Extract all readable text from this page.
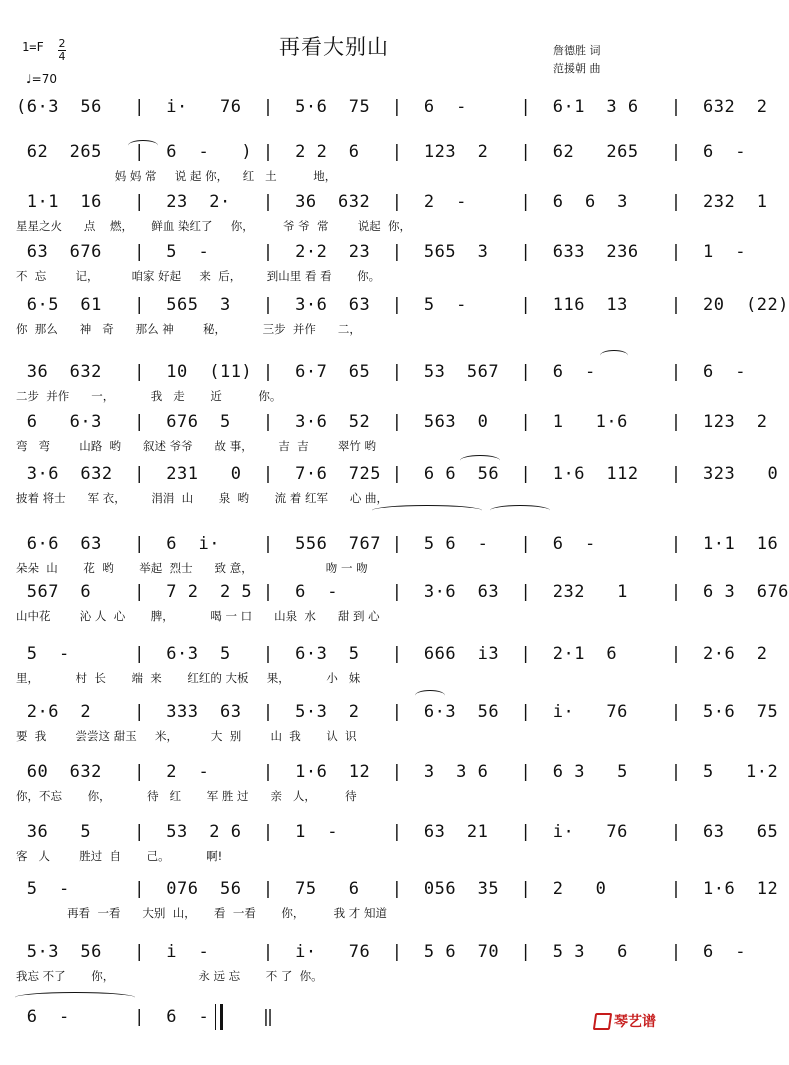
再看大别山	詹德胜 词
范援朝 曲
1=F 2
4
♩=70
(6·3  56   |  i·   76  |  5·6  75  |  6  -     |  6·1  3 6   |  632  2
62  265   |  6  -   ) |  2 2  6   |  123  2   |  62   265   |  6  -
妈 妈 常     说 起 你，    红   土          地，
1·1  16   |  23  2·   |  36  632  |  2  -     |  6  6  3    |  232  1
星星之火      点    燃，     鲜血 染红了     你，        爷 爷  常        说起  你，
63  676   |  5  -     |  2·2  23  |  565  3   |  633  236   |  1  -
不  忘        记，         咱家 好起     来  后，       到山里 看 看       你。
6·5  61   |  565  3   |  3·6  63  |  5  -     |  116  13    |  20  (22)
你  那么      神   奇      那么 神        秘，          三步  并作      二，
36  632   |  10  (11) |  6·7  65  |  53  567  |  6  -       |  6  -
二步  并作      一，          我   走       近          你。
6   6·3   |  676  5   |  3·6  52  |  563  0   |  1   1·6    |  123  2
弯   弯        山路  哟      叙述 爷爷      故 事，       吉  吉        翠竹 哟
3·6  632  |  231   0  |  7·6  725 |  6 6  56  |  1·6  112   |  323   0
披着 将士      军 衣，       涓涓  山       泉  哟       流 着 红军      心 曲，
6·6  63   |  6  i·    |  556  767 |  5 6  -   |  6  -       |  1·1  16
朵朵  山       花  哟       举起  烈士      致 意，                    吻 一 吻
567  6    |  7 2  2 5 |  6  -     |  3·6  63  |  232   1    |  6 3  676
山中花        沁 人  心       脾，          喝 一 口      山泉  水      甜 到 心
5  -      |  6·3  5   |  6·3  5   |  666  i3  |  2·1  6     |  2·6  2
里，          村  长       端  来       红红的 大板     果，          小   妹
2·6  2    |  333  63  |  5·3  2   |  6·3  56  |  i·   76    |  5·6  75
要  我        尝尝这 甜玉     米，         大  别        山  我       认  识
60  632   |  2  -     |  1·6  12  |  3  3 6   |  6 3   5    |  5   1·2
你，不忘       你，          待   红       军 胜 过      亲   人，        待
36   5    |  53  2 6  |  1  -     |  63  21   |  i·   76    |  63   65
客   人        胜过  自       己。          啊!
5  -      |  076  56  |  75   6   |  056  35  |  2   0      |  1·6  12
再看  一看      大别  山，     看  一看       你，        我 才 知道
5·3  56   |  i  -     |  i·   76  |  5 6  70  |  5 3   6    |  6  -
我忘 不了       你，                       永 远 忘       不 了  你。
6  -      |  6  -     ‖	琴艺谱
